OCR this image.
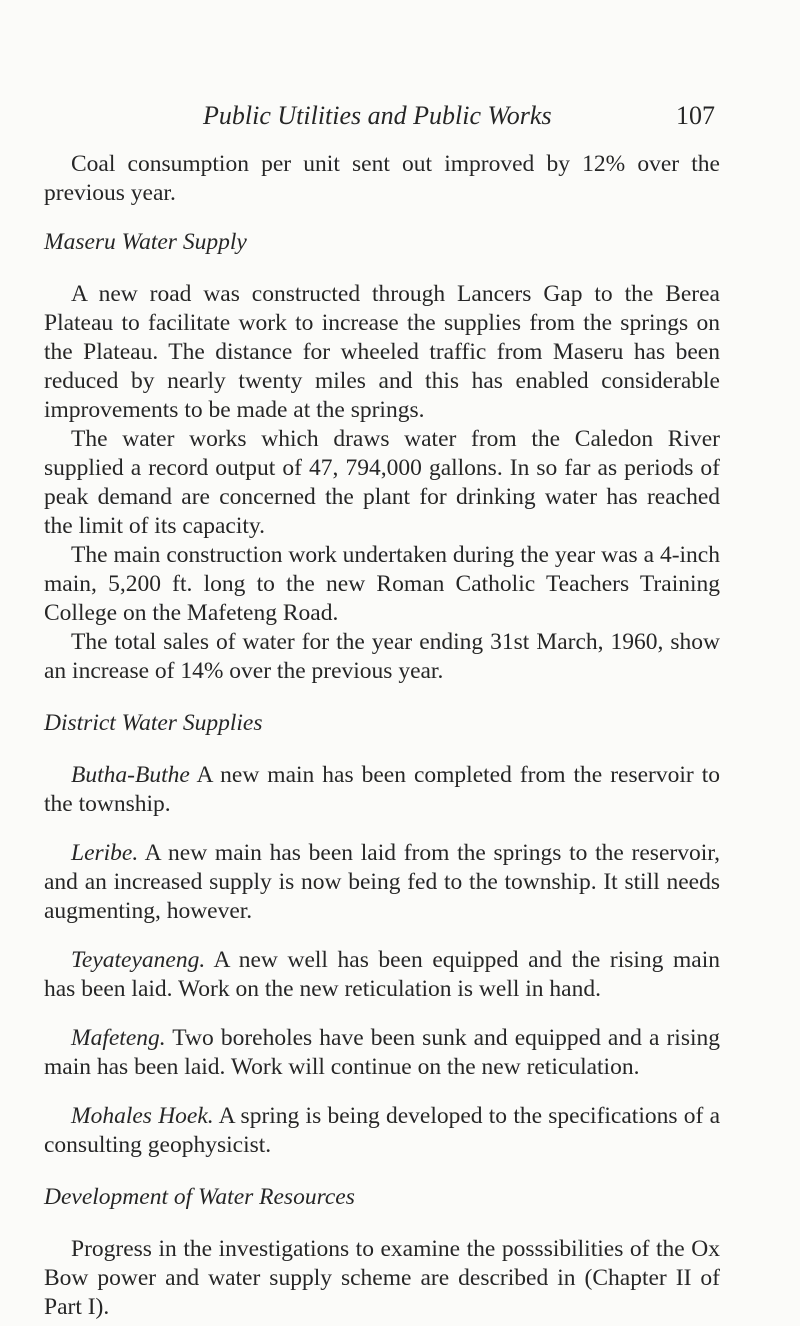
Public Utilities and Public Works	107

Coal consumption per unit sent out improved by 12% over the previous year.

Maseru Water Supply

A new road was constructed through Lancers Gap to the Berea Plateau to facilitate work to increase the supplies from the springs on the Plateau. The distance for wheeled traffic from Maseru has been reduced by nearly twenty miles and this has enabled considerable improvements to be made at the springs.

The water works which draws water from the Caledon River supplied a record output of 47, 794,000 gallons. In so far as periods of peak demand are concerned the plant for drinking water has reached the limit of its capacity.

The main construction work undertaken during the year was a 4-inch main, 5,200 ft. long to the new Roman Catholic Teachers Training College on the Mafeteng Road.

The total sales of water for the year ending 31st March, 1960, show an increase of 14% over the previous year.

District Water Supplies

Butha-Buthe A new main has been completed from the reservoir to the township.

Leribe. A new main has been laid from the springs to the reservoir, and an increased supply is now being fed to the township. It still needs augmenting, however.

Teyateyaneng. A new well has been equipped and the rising main has been laid. Work on the new reticulation is well in hand.

Mafeteng. Two boreholes have been sunk and equipped and a rising main has been laid. Work will continue on the new reticulation.

Mohales Hoek. A spring is being developed to the specifications of a consulting geophysicist.

Development of Water Resources

Progress in the investigations to examine the posssibilities of the Ox Bow power and water supply scheme are described in (Chapter II of Part I).
